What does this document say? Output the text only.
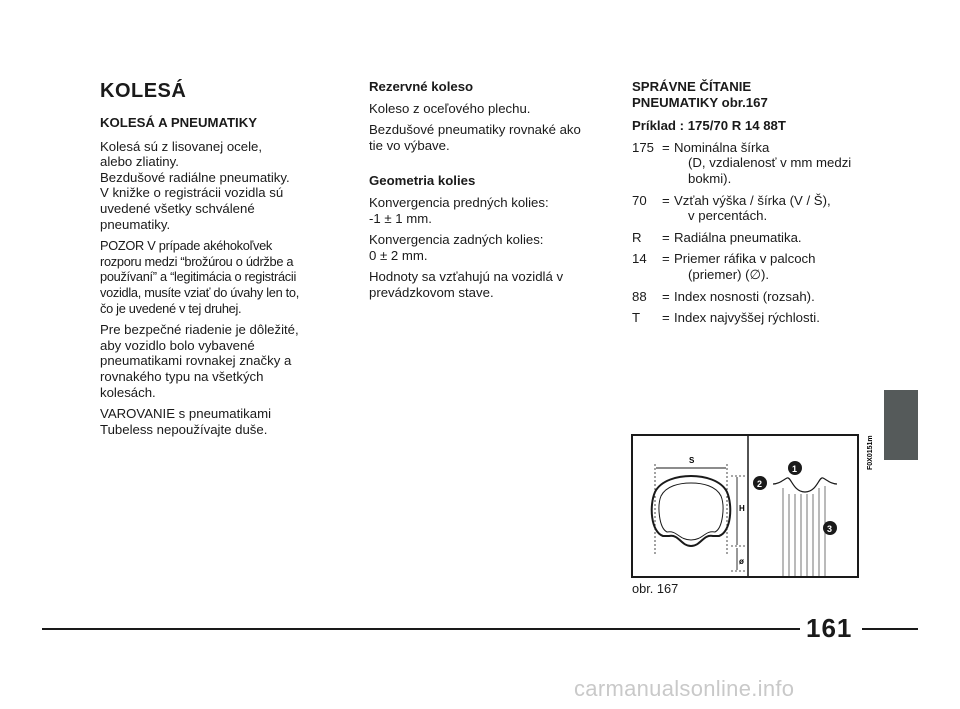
KOLESÁ
KOLESÁ A PNEUMATIKY

Kolesá sú z lisovanej ocele,
alebo zliatiny.
Bezdušové radiálne pneumatiky.
V knižke o registrácii vozidla sú
uvedené všetky schválené
pneumatiky.

POZOR V prípade akéhokoľvek
rozporu medzi “brožúrou o údržbe a
používaní” a “legitimácia o registrácii
vozidla, musíte vziať do úvahy len to,
čo je uvedené v tej druhej.

Pre bezpečné riadenie je dôležité,
aby vozidlo bolo vybavené
pneumatikami rovnakej značky a
rovnakého typu na všetkých
kolesách.

VAROVANIE s pneumatikami
Tubeless nepoužívajte duše.

Rezervné koleso

Koleso z oceľového plechu.

Bezdušové pneumatiky rovnaké ako
tie vo výbave.

Geometria kolies

Konvergencia predných kolies:
-1 ± 1 mm.

Konvergencia zadných kolies:
0 ± 2 mm.

Hodnoty sa vzťahujú na vozidlá v
prevádzkovom stave.

SPRÁVNE ČÍTANIE
PNEUMATIKY obr.167
Príklad : 175/70 R 14 88T
175 = Nominálna šírka
(D, vzdialenosť v mm medzi
bokmi).
70	= Vzťah výška / šírka (V / Š),
v percentách.
R	= Radiálna pneumatika.
14	= Priemer ráfika v palcoch
(priemer) (∅).
88	= Index nosnosti (rozsah).
T	= Index najvyššej rýchlosti.
S
H
ø
1
2
3
F0X0151m
obr. 167
161
carmanualsonline.info
